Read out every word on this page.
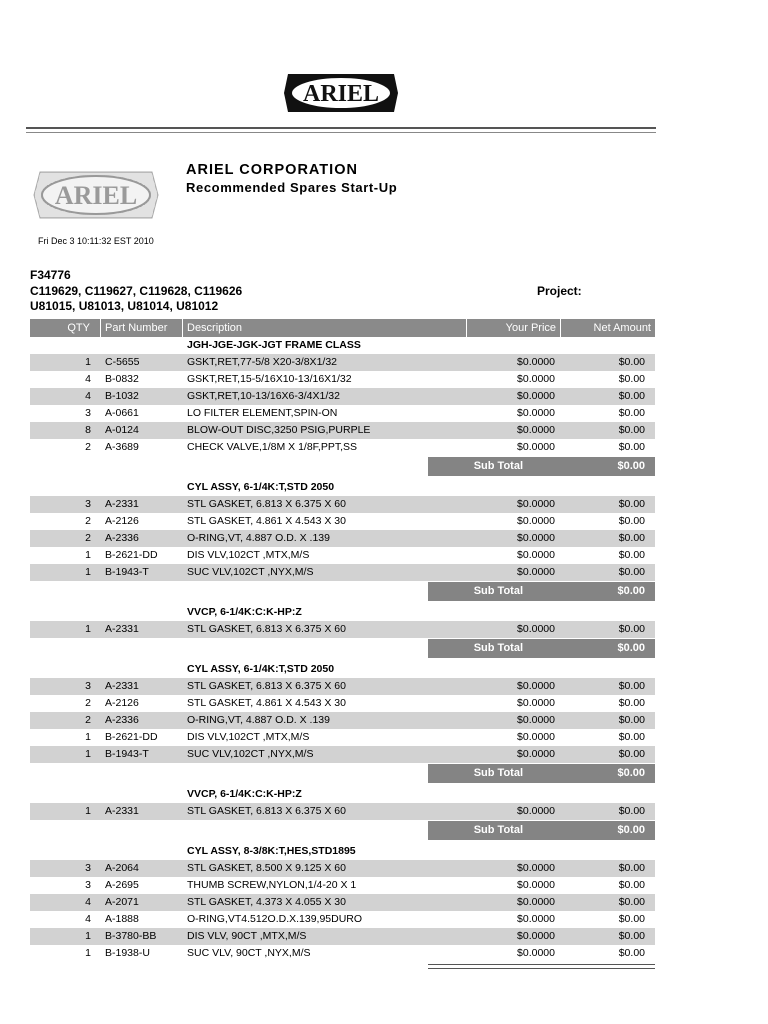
ARIEL
ARIEL
ARIEL CORPORATION
Recommended Spares Start-Up
Fri Dec 3 10:11:32 EST 2010
F34776
C119629, C119627, C119628, C119626
U81015, U81013, U81014, U81012
Project:
QTY	Part Number	Description	Your Price	Net Amount
JGH-JGE-JGK-JGT FRAME CLASS
1	C-5655	GSKT,RET,77-5/8 X20-3/8X1/32	$0.0000	$0.00
4	B-0832	GSKT,RET,15-5/16X10-13/16X1/32	$0.0000	$0.00
4	B-1032	GSKT,RET,10-13/16X6-3/4X1/32	$0.0000	$0.00
3	A-0661	LO FILTER ELEMENT,SPIN-ON	$0.0000	$0.00
8	A-0124	BLOW-OUT DISC,3250 PSIG,PURPLE	$0.0000	$0.00
2	A-3689	CHECK VALVE,1/8M X 1/8F,PPT,SS	$0.0000	$0.00
Sub Total	$0.00
CYL ASSY, 6-1/4K:T,STD 2050
3	A-2331	STL GASKET, 6.813 X 6.375 X 60	$0.0000	$0.00
2	A-2126	STL GASKET, 4.861 X 4.543 X 30	$0.0000	$0.00
2	A-2336	O-RING,VT, 4.887 O.D. X .139	$0.0000	$0.00
1	B-2621-DD	DIS VLV,102CT ,MTX,M/S	$0.0000	$0.00
1	B-1943-T	SUC VLV,102CT ,NYX,M/S	$0.0000	$0.00
Sub Total	$0.00
VVCP, 6-1/4K:C:K-HP:Z
1	A-2331	STL GASKET, 6.813 X 6.375 X 60	$0.0000	$0.00
Sub Total	$0.00
CYL ASSY, 6-1/4K:T,STD 2050
3	A-2331	STL GASKET, 6.813 X 6.375 X 60	$0.0000	$0.00
2	A-2126	STL GASKET, 4.861 X 4.543 X 30	$0.0000	$0.00
2	A-2336	O-RING,VT, 4.887 O.D. X .139	$0.0000	$0.00
1	B-2621-DD	DIS VLV,102CT ,MTX,M/S	$0.0000	$0.00
1	B-1943-T	SUC VLV,102CT ,NYX,M/S	$0.0000	$0.00
Sub Total	$0.00
VVCP, 6-1/4K:C:K-HP:Z
1	A-2331	STL GASKET, 6.813 X 6.375 X 60	$0.0000	$0.00
Sub Total	$0.00
CYL ASSY, 8-3/8K:T,HES,STD1895
3	A-2064	STL GASKET, 8.500 X 9.125 X 60	$0.0000	$0.00
3	A-2695	THUMB SCREW,NYLON,1/4-20 X 1	$0.0000	$0.00
4	A-2071	STL GASKET, 4.373 X 4.055 X 30	$0.0000	$0.00
4	A-1888	O-RING,VT4.512O.D.X.139,95DURO	$0.0000	$0.00
1	B-3780-BB	DIS VLV, 90CT ,MTX,M/S	$0.0000	$0.00
1	B-1938-U	SUC VLV, 90CT ,NYX,M/S	$0.0000	$0.00
